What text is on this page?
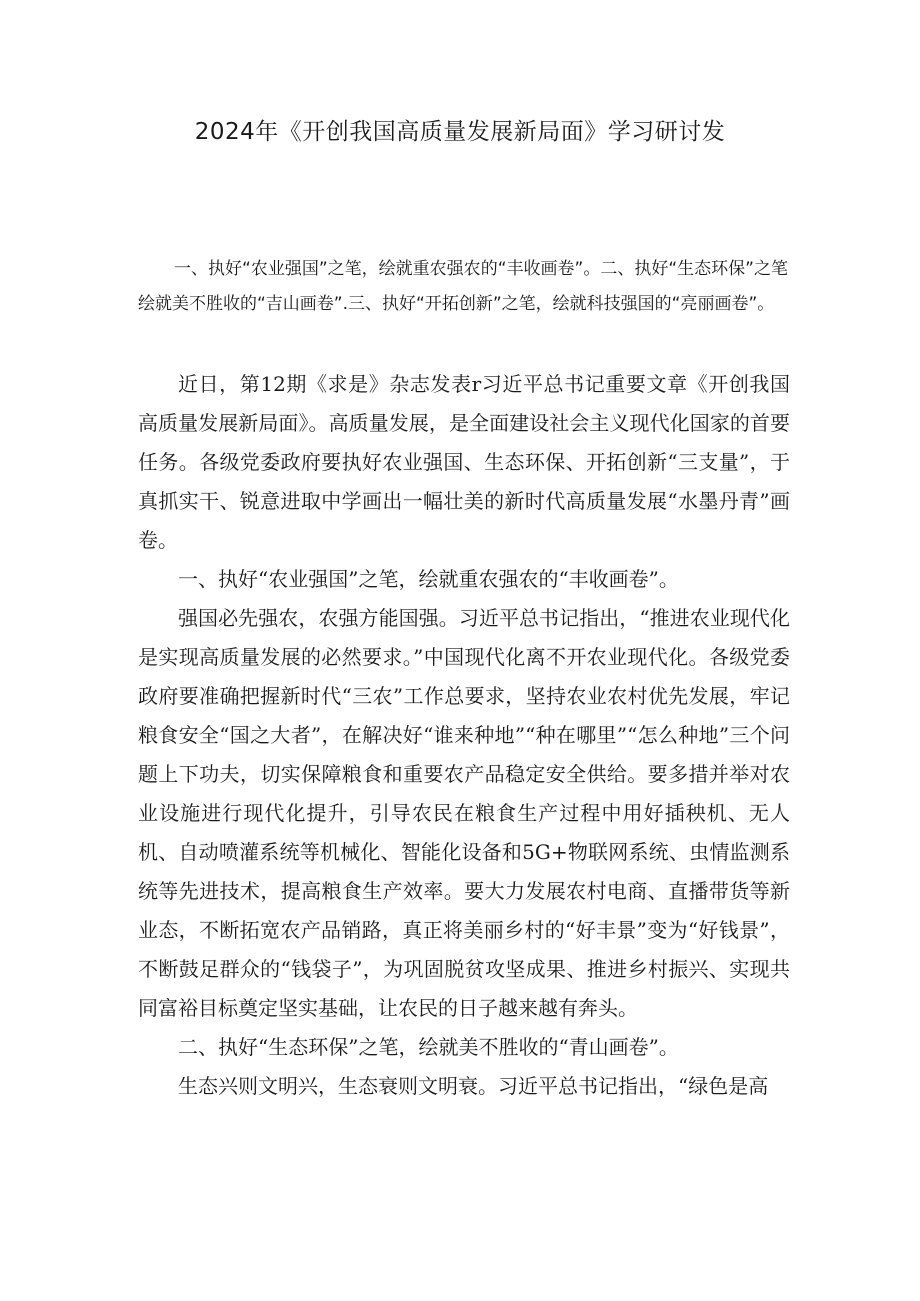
2024年《开创我国高质量发展新局面》学习研讨发
一、执好“农业强国”之笔，绘就重农强农的“丰收画卷”。二、执好“生态环保”之笔绘就美不胜收的“吉山画卷”.三、执好“开拓创新”之笔，绘就科技强国的“亮丽画卷”。

近日，第12期《求是》杂志发表r习近平总书记重要文章《开创我国高质量发展新局面》。高质量发展，是全面建设社会主义现代化国家的首要任务。各级党委政府要执好农业强国、生态环保、开拓创新“三支量”，于真抓实干、锐意进取中学画出一幅壮美的新时代高质量发展“水墨丹青”画卷。

一、执好“农业强国”之笔，绘就重农强农的“丰收画卷”。

强国必先强农，农强方能国强。习近平总书记指出，“推进农业现代化是实现高质量发展的必然要求。”中国现代化离不开农业现代化。各级党委政府要准确把握新时代“三农”工作总要求，坚持农业农村优先发展，牢记粮食安全“国之大者”，在解决好“谁来种地”“种在哪里”“怎么种地”三个问题上下功夫，切实保障粮食和重要农产品稳定安全供给。要多措并举对农业设施进行现代化提升，引导农民在粮食生产过程中用好插秧机、无人机、自动喷灌系统等机械化、智能化设备和5G+物联网系统、虫情监测系统等先进技术，提高粮食生产效率。要大力发展农村电商、直播带货等新业态，不断拓宽农产品销路，真正将美丽乡村的“好丰景”变为“好钱景”，不断鼓足群众的“钱袋子”，为巩固脱贫攻坚成果、推进乡村振兴、实现共同富裕目标奠定坚实基础，让农民的日子越来越有奔头。

二、执好“生态环保”之笔，绘就美不胜收的“青山画卷”。

生态兴则文明兴，生态衰则文明衰。习近平总书记指出，“绿色是高
